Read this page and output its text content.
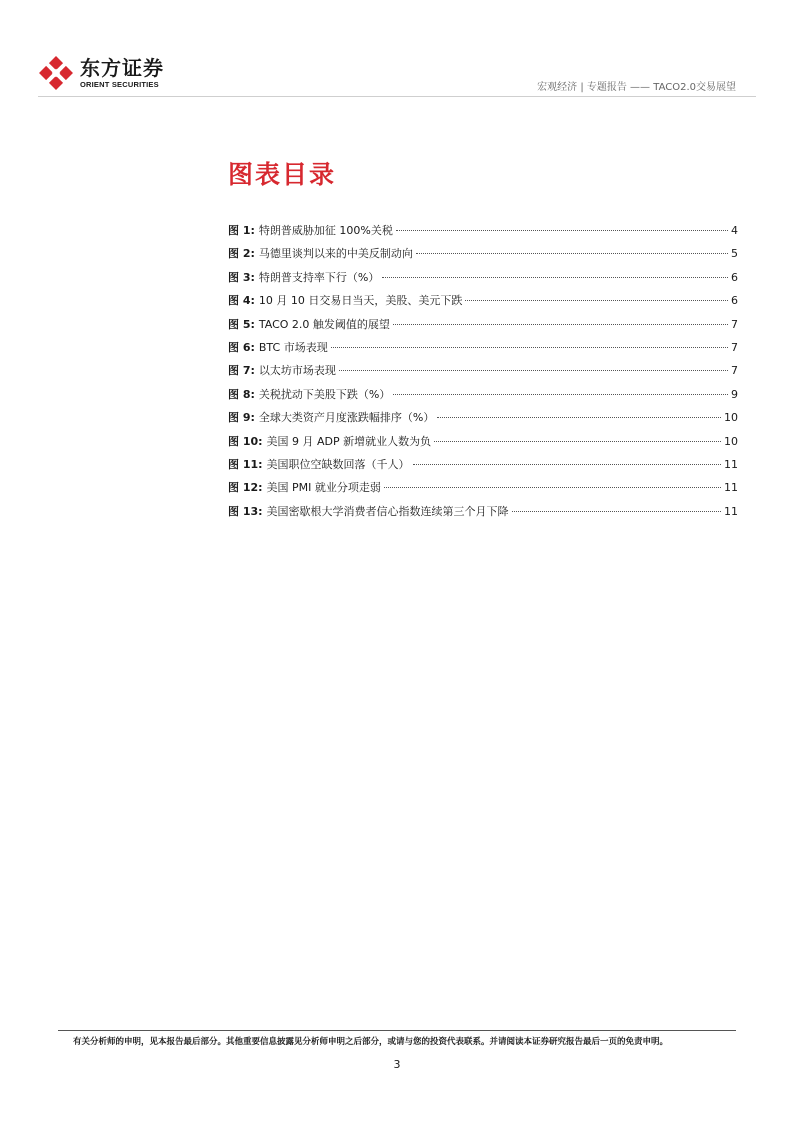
东方证券
ORIENT SECURITIES	宏观经济 | 专题报告 —— TACO2.0交易展望
图表目录
图 1: 特朗普威胁加征 100%关税	4
图 2: 马德里谈判以来的中美反制动向	5
图 3: 特朗普支持率下行（%）	6
图 4: 10 月 10 日交易日当天，美股、美元下跌	6
图 5: TACO 2.0 触发阈值的展望	7
图 6: BTC 市场表现	7
图 7: 以太坊市场表现	7
图 8: 关税扰动下美股下跌（%）	9
图 9: 全球大类资产月度涨跌幅排序（%）	10
图 10: 美国 9 月 ADP 新增就业人数为负	10
图 11: 美国职位空缺数回落（千人）	11
图 12: 美国 PMI 就业分项走弱	11
图 13: 美国密歇根大学消费者信心指数连续第三个月下降	11
有关分析师的申明，见本报告最后部分。其他重要信息披露见分析师申明之后部分，或请与您的投资代表联系。并请阅读本证券研究报告最后一页的免责申明。
3
